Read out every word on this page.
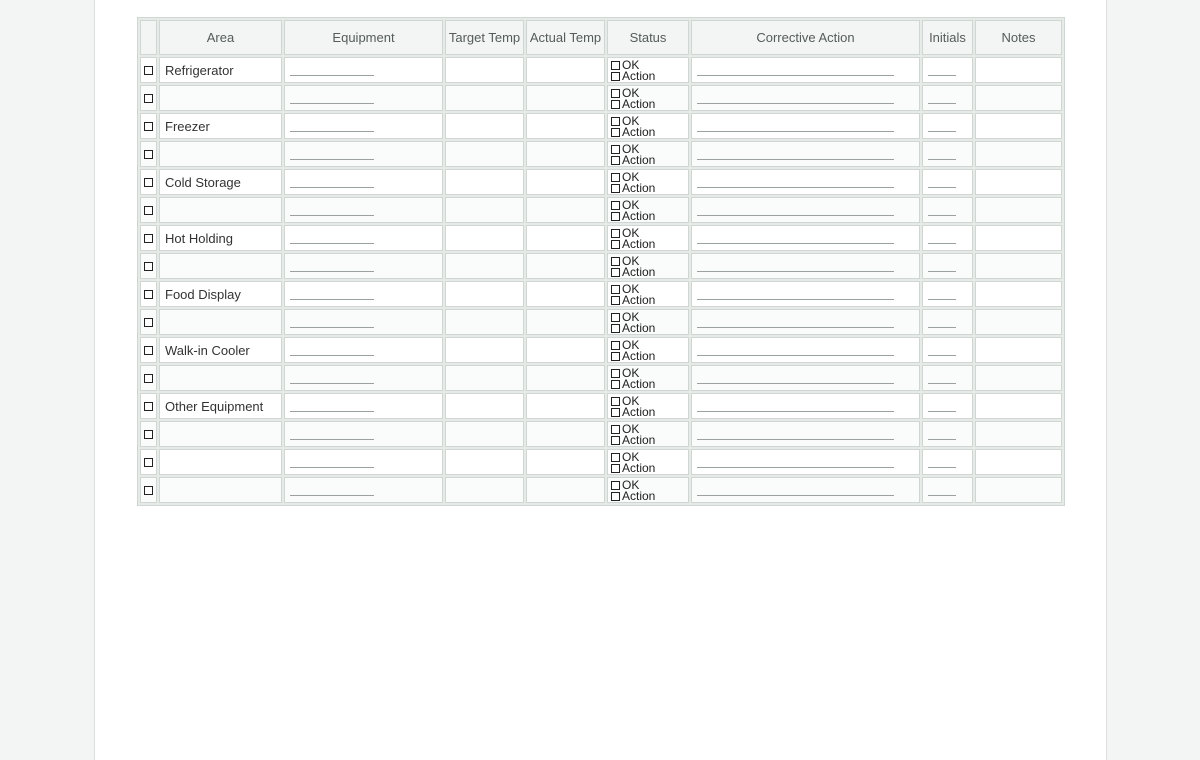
	Area	Equipment	Target Temp	Actual Temp	Status	Corrective Action	Initials	Notes

	Refrigerator				OK
Action			

					OK
Action			

	Freezer				OK
Action			

					OK
Action			

	Cold Storage				OK
Action			

					OK
Action			

	Hot Holding				OK
Action			

					OK
Action			

	Food Display				OK
Action			

					OK
Action			

	Walk-in Cooler				OK
Action			

					OK
Action			

	Other Equipment				OK
Action			

					OK
Action			

					OK
Action			

					OK
Action			
